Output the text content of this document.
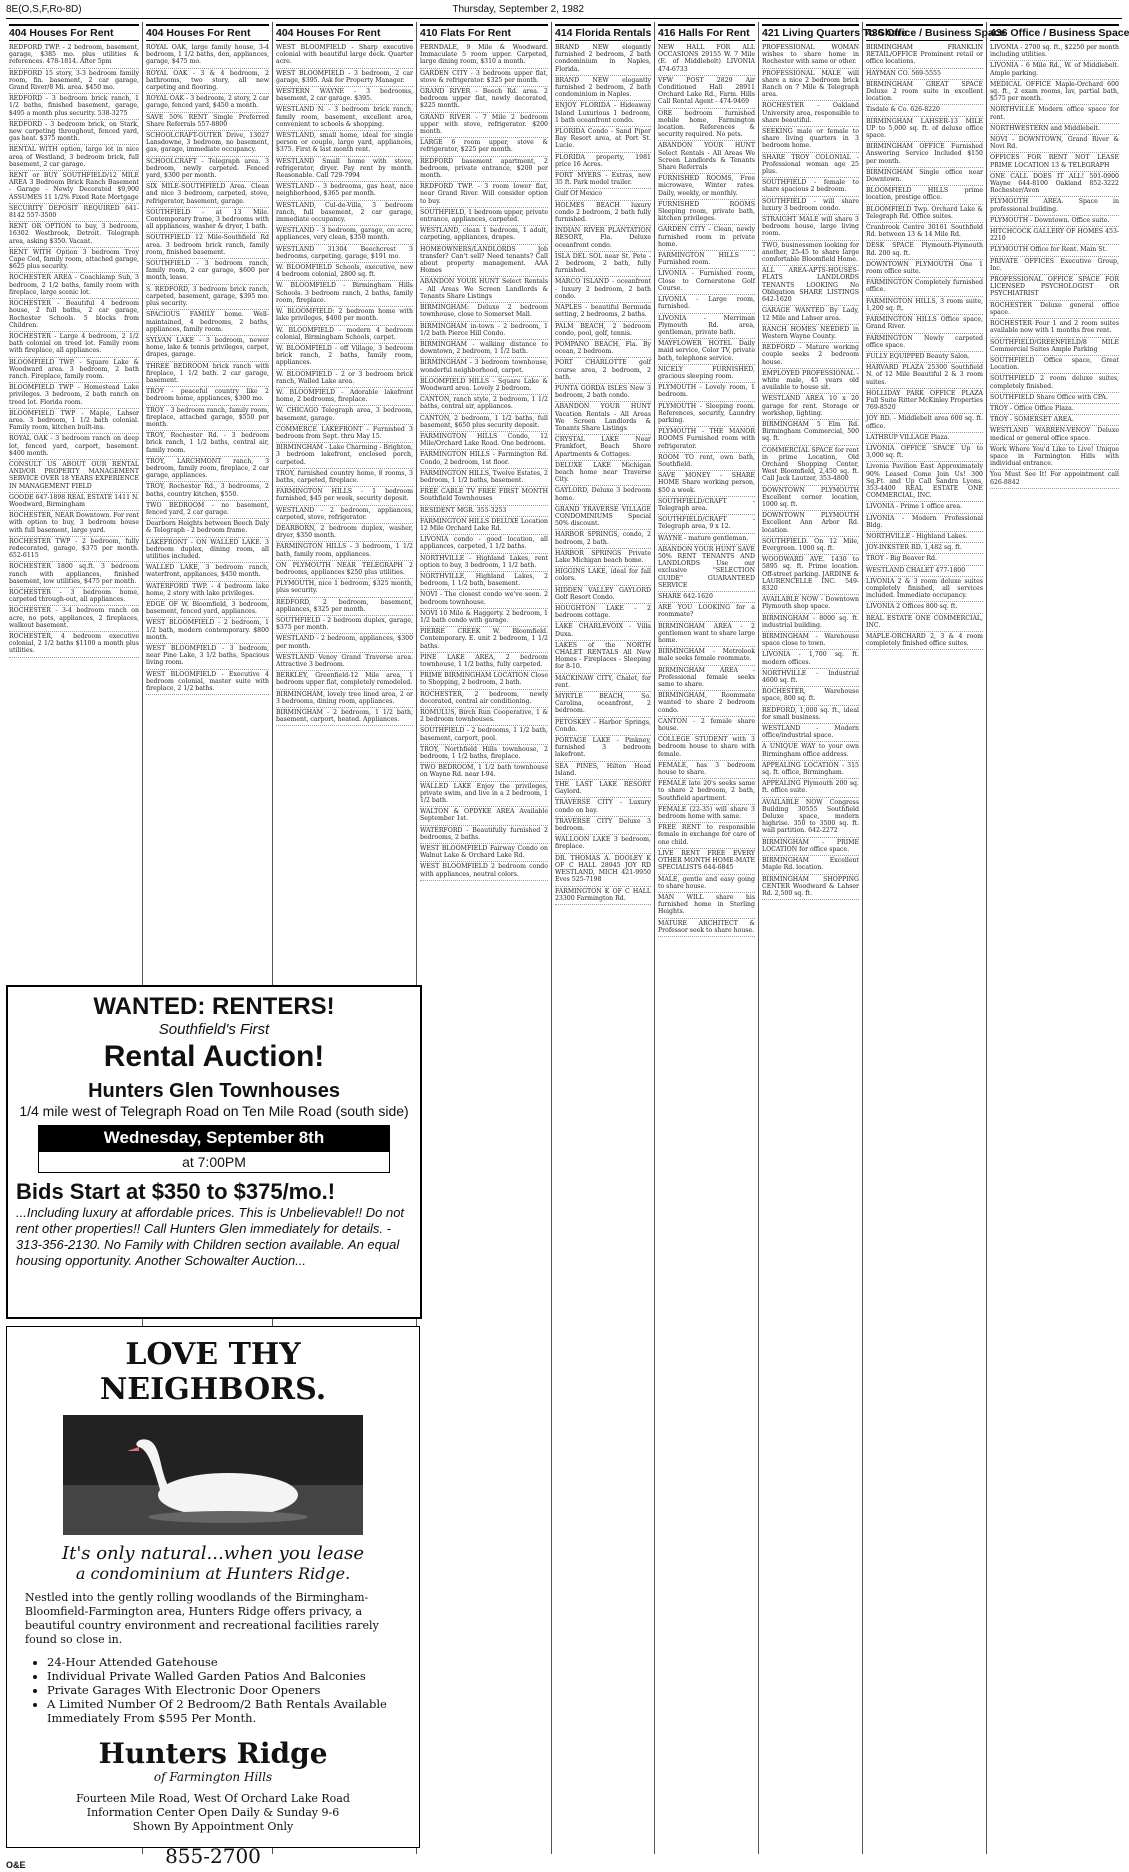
8E(O,S,F,Ro-8D)	Thursday, September 2, 1982
404 Houses For Rent
REDFORD TWP. - 2 bedroom, basement, garage, $385 mo. plus utilities & references. 478-1814. After 5pm
REDFORD 15 story, 3-3 bedroom family room, fin. basement, 2 car garage, Grand River/8 Mi. area. $450 mo.
REDFORD - 3 bedroom brick ranch, 1 1/2 baths, finished basement, garage, $495 a month plus security. 538-3275
REDFORD - 3 bedroom brick, on Stark, new carpeting throughout, fenced yard, gas heat. $375 month.
RENTAL WITH option, large lot in nice area of Westland, 3 bedroom brick, full basement, 2 car garage.
RENT or BUY SOUTHFIELD/12 MILE AREA 3 Bedroom Brick Ranch Basement - Garage - Newly Decorated $9,900 ASSUMES 11 1/2% Fixed Rate Mortgage
SECURITY DEPOSIT REQUIRED 641-8142 557-3500
RENT OR OPTION to buy, 3 bedroom, 16302 Westbrook, Detroit. Telegraph area, asking $350. Vacant.
RENT WITH Option 3 bedroom Troy Cape Cod, family room, attached garage, $625 plus security.
ROCHESTER AREA - Coachlamp Sub, 3 bedroom, 2 1/2 baths, family room with fireplace, large scenic lot.
ROCHESTER - Beautiful 4 bedroom house, 2 full baths, 2 car garage, Rochester Schools. 5 blocks from Children.
ROCHESTER - Large 4 bedroom, 2 1/2 bath colonial on treed lot. Family room with fireplace, all appliances.
BLOOMFIELD TWP. - Square Lake & Woodward area. 3 bedroom, 2 bath ranch. Fireplace, family room.
BLOOMFIELD TWP - Homestead Lake privileges. 3 bedroom, 2 bath ranch on treed lot. Florida room.
BLOOMFIELD TWP - Maple, Lahser area. 3 bedroom, 1 1/2 bath colonial. Family room, kitchen built-ins.
ROYAL OAK - 3 bedroom ranch on deep lot, fenced yard, carport, basement. $400 month.
CONSULT US ABOUT OUR RENTAL AND/OR PROPERTY MANAGEMENT SERVICE OVER 18 YEARS EXPERIENCE IN MANAGEMENT FIELD
GOODE 647-1898 REAL ESTATE 1411 N. Woodward, Birmingham
ROCHESTER, NEAR Downtown. For rent with option to buy, 3 bedroom house with full basement, large yard.
ROCHESTER TWP - 2 bedroom, fully redecorated, garage, $375 per month. 652-6115
ROCHESTER 1800 sq.ft. 3 bedroom ranch with appliances, finished basement, low utilities, $475 per month.
ROCHESTER - 3 bedroom home, carpeted through-out, all appliances.
ROCHESTER - 3-4 bedroom ranch on acre, no pets, appliances, 2 fireplaces, walkout basement.
ROCHESTER, 4 bedroom executive colonial, 2 1/2 baths $1100 a month plus utilities.
404 Houses For Rent
ROYAL OAK, large family house, 3-4 bedroom, 1 1/2 baths, den, appliances, garage, $475 mo.
ROYAL OAK - 3 & 4 bedroom, 2 bathrooms, two story, all new carpeting and flooring.
ROYAL OAK - 3 bedroom, 2 story, 2 car garage, fenced yard, $450 a month.
SAVE 50% RENT Single Preferred Share Referrals 557-8800
SCHOOLCRAFT-OUTER Drive, 13027 Lansdowne, 3 bedroom, no basement, gas, garage, immediate occupancy.
SCHOOLCRAFT - Telegraph area. 3 bedroom, newly carpeted. Fenced yard, $300 per month.
SIX MILE-SOUTHFIELD Area. Clean and nice 3 bedroom, carpeted, stove, refrigerator, basement, garage.
SOUTHFIELD - at 13 Mile. Contemporary frame, 3 bedrooms with all appliances, washer & dryer, 1 bath.
SOUTHFIELD 12 Mile-Southfield Rd area. 3 bedroom brick ranch, family room, finished basement.
SOUTHFIELD - 3 bedroom ranch, family room, 2 car garage, $600 per month, lease.
S. REDFORD, 3 bedroom brick ranch, carpeted, basement, garage, $395 mo. plus security.
SPACIOUS FAMILY home. Well-maintained, 4 bedrooms, 2 baths, appliances, family room.
SYLVAN LAKE - 3 bedroom, newer home, lake & tennis privileges, carpet, drapes, garage.
THREE BEDROOM brick ranch with fireplace, 1 1/2 bath. 2 car garage, basement.
TROY - peaceful country like 2 bedroom home, appliances, $300 mo.
TROY - 3 bedroom ranch, family room, fireplace, attached garage, $550 per month.
TROY, Rochester Rd. - 3 bedroom brick ranch, 1 1/2 baths, central air, family room.
TROY, LARCHMONT ranch, 3 bedroom, family room, fireplace, 2 car garage, appliances.
TROY, Rochester Rd., 3 bedrooms, 2 baths, country kitchen, $550.
TWO BEDROOM - no basement, fenced yard, 2 car garage.
Dearborn Heights between Beech Daly & Telegraph - 2 bedroom frame.
LAKEFRONT - ON WALLED LAKE. 3 bedroom duplex, dining room, all utilities included.
WALLED LAKE, 3 bedroom ranch, waterfront, appliances, $450 month.
WATERFORD TWP. - 4 bedroom lake home, 2 story with lake privileges.
EDGE OF W. Bloomfield, 3 bedroom, basement, fenced yard, appliances.
WEST BLOOMFIELD - 2 bedroom, 1 1/2 bath, modern contemporary. $800 month.
WEST BLOOMFIELD - 3 bedroom, near Pine Lake, 3 1/2 baths, Spacious living room.
WEST BLOOMFIELD - Executive 4 bedroom colonial, master suite with fireplace, 2 1/2 baths.
404 Houses For Rent
WEST BLOOMFIELD - Sharp executive colonial with beautiful large deck. Quarter acre.
WEST BLOOMFIELD - 3 bedroom, 2 car garage, $395. Ask for Property Manager.
WESTERN WAYNE - 3 bedrooms, basement, 2 car garage. $395.
WESTLAND N. - 3 bedroom brick ranch, family room, basement, excellent area, convenient to schools & shopping.
WESTLAND, small home, ideal for single person or couple, large yard, appliances, $375. First & last month rent.
WESTLAND Small home with stove, refrigerator, dryer. Pay rent by month. Reasonable. Call 729-7994
WESTLAND - 3 bedrooms, gas heat, nice neighborhood, $365 per month.
WESTLAND, Cul-de-Villa, 3 bedroom ranch, full basement, 2 car garage, immediate occupancy.
WESTLAND - 3 bedroom, garage, on acre, appliances, very clean, $350 month.
WESTLAND 31304 Beechcrest 3 bedrooms, carpeting, garage, $191 mo.
W. BLOOMFIELD Schools, executive, new 4 bedroom colonial, 2800 sq. ft.
W. BLOOMFIELD - Birmingham Hills Schools. 3 bedroom ranch, 2 baths, family room, fireplace.
W. BLOOMFIELD: 2 bedroom home with lake privileges, $400 per month.
W. BLOOMFIELD - modern 4 bedroom colonial, Birmingham Schools, carpet.
W. BLOOMFIELD - off Village, 3 bedroom brick ranch, 2 baths, family room, appliances.
W. BLOOMFIELD - 2 or 3 bedroom brick ranch, Walled Lake area.
W. BLOOMFIELD - Adorable lakefront home, 2 bedrooms, fireplace.
W. CHICAGO Telegraph area, 3 bedroom, basement, garage.
COMMERCE LAKEFRONT - Furnished 3 bedroom from Sept. thru May 15.
BIRMINGHAM - Lake Charming - Brighton, 3 bedroom lakefront, enclosed porch, carpeted.
TROY, furnished country home, 8 rooms, 3 baths, carpeted, fireplace.
FARMINGTON HILLS - 1 bedroom furnished, $45 per week, security deposit.
WESTLAND - 2 bedroom, appliances, carpeted, stove, refrigerator.
DEARBORN, 2 bedroom duplex, washer, dryer, $350 month.
FARMINGTON HILLS - 3 bedroom, 1 1/2 bath, family room, appliances.
ON PLYMOUTH NEAR TELEGRAPH 2 bedrooms, appliances $250 plus utilities.
PLYMOUTH, nice 1 bedroom, $325 month, plus security.
REDFORD, 2 bedroom, basement, appliances, $325 per month.
SOUTHFIELD - 2 bedroom duplex, garage, $375 per month.
WESTLAND - 2 bedroom, appliances, $300 per month.
WESTLAND Venoy Grand Traverse area. Attractive 3 bedroom.
BERKLEY, Greenfield-12 Mile area, 1 bedroom upper flat, completely remodeled.
BIRMINGHAM, lovely tree lined area, 2 or 3 bedrooms, dining room, appliances.
BIRMINGHAM - 2 bedroom, 1 1/2 bath, basement, carport, heated. Appliances.
410 Flats For Rent
FERNDALE, 9 Mile & Woodward. Immaculate 5 room upper. Carpeted, large dining room, $310 a month.
GARDEN CITY - 3 bedroom upper flat, stove & refrigerator. $325 per month.
GRAND RIVER - Beech Rd. area. 2 bedroom upper flat, newly decorated, $225 month.
GRAND RIVER - 7 Mile 2 bedroom upper with stove, refrigerator. $200 month.
LARGE 6 room upper, stove & refrigerator, $225 per month.
REDFORD basement apartment, 2 bedroom, private entrance, $200 per month.
REDFORD TWP. - 3 room lower flat, near Grand River. Will consider option to buy.
SOUTHFIELD, 1 bedroom upper, private entrance, appliances, carpeted.
WESTLAND, clean 1 bedroom, 1 adult, carpeting, appliances, drapes.
HOMEOWNERS/LANDLORDS Job transfer? Can't sell? Need tenants? Call about property management. AAA Homes
ABANDON YOUR HUNT Select Rentals - All Areas We Screen Landlords & Tenants Share Listings
BIRMINGHAM: Deluxe 2 bedroom townhouse, close to Somerset Mall.
BIRMINGHAM in-town - 2 bedroom, 1 1/2 bath Pierce Hill Condo.
BIRMINGHAM - walking distance to downtown, 2 bedroom, 1 1/2 bath.
BIRMINGHAM - 3 bedroom townhouse, wonderful neighborhood, carpet.
BLOOMFIELD HILLS - Square Lake & Woodward area. Lovely 2 bedroom.
CANTON, ranch style, 2 bedroom, 1 1/2 baths, central air, appliances.
CANTON, 2 bedroom, 1 1/2 baths, full basement, $650 plus security deposit.
FARMINGTON HILLS Condo, 12 Mile/Orchard Lake Road. One bedroom.
FARMINGTON HILLS - Farmington Rd. Condo, 2 bedroom, 1st floor.
FARMINGTON HILLS, Twelve Estates, 2 bedroom, 1 1/2 baths, basement.
FREE CABLE TV FREE FIRST MONTH Southfield Townhouses
RESIDENT MGR. 355-3253
FARMINGTON HILLS DELUXE Location 12 Mile Orchard Lake Rd.
LIVONIA condo - good location, all appliances, carpeted, 1 1/2 baths.
NORTHVILLE - Highland Lakes, rent option to buy, 3 bedroom, 1 1/2 bath.
NORTHVILLE, Highland Lakes, 2 bedroom, 1 1/2 bath, basement.
NOVI - The closest condo we've seen. 2 bedroom townhouse.
NOVI 10 Mile & Haggerty. 2 bedroom, 1 1/2 bath condo with garage.
PIERRE CREEK W. Bloomfield. Contemporary. E. unit 2 bedroom, 1 1/2 baths.
PINE LAKE AREA, 2 bedroom townhouse, 1 1/2 baths, fully carpeted.
PRIME BIRMINGHAM LOCATION Close to Shopping, 2 bedroom, 2 bath.
ROCHESTER, 2 bedroom, newly decorated, central air conditioning.
ROMULUS, Birch Run Cooperative, 1 & 2 bedroom townhouses.
SOUTHFIELD - 2 bedrooms, 1 1/2 bath, basement, carport, pool.
TROY, Northfield Hills townhouse, 2 bedroom, 1 1/2 baths, fireplace.
TWO BEDROOM, 1 1/2 bath townhouse on Wayne Rd. near I-94.
WALLED LAKE Enjoy the privileges, private swim, and live in a 2 bedroom, 1 1/2 bath.
WALTON & OPDYKE AREA Available September 1st.
WATERFORD - Beautifully furnished 2 bedrooms, 2 baths.
WEST BLOOMFIELD Fairway Condo on Walnut Lake & Orchard Lake Rd.
WEST BLOOMFIELD 2 bedroom condo with appliances, neutral colors.
414 Florida Rentals
BRAND NEW elegantly furnished 2 bedroom, 2 bath condominium in Naples, Florida.
BRAND NEW elegantly furnished 2 bedroom, 2 bath condominium in Naples.
ENJOY FLORIDA - Hideaway Island Luxurious 1 bedroom, 1 bath oceanfront condo.
FLORIDA Condo - Sand Piper Bay Resort area, at Port St. Lucie.
FLORIDA property, 1981 price 16 Acres.
FORT MYERS - Extras, new 35 ft. Park model trailer.
Gulf Of Mexico
HOLMES BEACH luxury condo 2 bedroom, 2 bath fully furnished.
INDIAN RIVER PLANTATION RESORT, Fla. Deluxe oceanfront condo.
ISLA DEL SOL near St. Pete - 2 bedroom, 2 bath, fully furnished.
MARCO ISLAND - oceanfront - luxury 2 bedroom, 2 bath condo.
NAPLES - beautiful Bermuda setting, 2 bedrooms, 2 baths.
PALM BEACH, 2 bedroom condo, pool, golf, tennis.
POMPANO BEACH, Fla. By ocean, 2 bedroom.
PORT CHARLOTTE golf course area, 2 bedroom, 2 bath.
PUNTA GORDA ISLES New 3 bedroom, 2 bath condo.
ABANDON YOUR HUNT Vacation Rentals - All Areas We Screen Landlords & Tenants Share Listings
CRYSTAL LAKE Near Frankfort, Beach Shore Apartments & Cottages.
DELUXE LAKE Michigan beach home near Traverse City.
GAYLORD, Deluxe 3 bedroom home.
GRAND TRAVERSE VILLAGE CONDOMINIUMS Special 50% discount.
HARBOR SPRINGS, condo, 2 bedroom, 2 bath.
HARBOR SPRINGS Private Lake Michigan beach home.
HIGGINS LAKE, ideal for fall colors.
HIDDEN VALLEY GAYLORD Golf Resort Condo.
HOUGHTON LAKE - 2 bedroom cottage.
LAKE CHARLEVOIX - Villa Duxa.
LAKES of the NORTH CHALET RENTALS All New Homes - Fireplaces - Sleeping for 8-10.
MACKINAW CITY, Chalet, for rent.
MYRTLE BEACH, So. Carolina, oceanfront, 2 bedroom.
PETOSKEY - Harbor Springs, Condo.
PORTAGE LAKE - Pinkney, furnished 3 bedroom lakefront.
SEA PINES, Hilton Head Island.
THE LAST LAKE RESORT Gaylord.
TRAVERSE CITY - Luxury condo on bay.
TRAVERSE CITY Deluxe 3 bedroom.
WALLOON LAKE 3 bedroom, fireplace.
DR. THOMAS A. DOOLEY K OF C HALL 28945 JOY RD WESTLAND, MICH 421-9950 Eves 525-7198
FARMINGTON K OF C HALL 23300 Farmington Rd.
416 Halls For Rent
NEW HALL FOR ALL OCCASIONS 29155 W. 7 Mile (E. of Middlebelt) LIVONIA 474-6733
VFW POST 2829 Air Conditioned Hall 28911 Orchard Lake Rd., Farm. Hills Call Rental Agent - 474-9469
ORE bedroom furnished mobile home, Farmington location. References & security required. No pets.
ABANDON YOUR HUNT Select Rentals - All Areas We Screen Landlords & Tenants Share Referrals
FURNISHED ROOMS, Free microwave, Winter rates. Daily, weekly, or monthly.
FURNISHED ROOMS Sleeping room, private bath, kitchen privileges.
GARDEN CITY - Clean, newly furnished room in private home.
FARMINGTON HILLS - Furnished room.
LIVONIA - Furnished room, Close to Cornerstone Golf Course.
LIVONIA - Large room, furnished.
LIVONIA - Merriman Plymouth Rd. area, gentleman, private bath.
MAYFLOWER HOTEL Daily maid service, Color TV, private bath, telephone service.
NICELY FURNISHED, gracious sleeping room.
PLYMOUTH - Lovely room, 1 bedroom.
PLYMOUTH - Sleeping room. References, security, Laundry parking.
PLYMOUTH - THE MANOR ROOMS Furnished room with refrigerator.
ROOM TO rent, own bath, Southfield.
SAVE MONEY - SHARE HOME Share working person, $50 a week.
SOUTHFIELD/CRAFT - Telegraph area.
SOUTHFIELD/CRAFT - Telegraph area, 9 x 12.
WAYNE - mature gentleman.
ABANDON YOUR HUNT SAVE 50% RENT TENANTS AND LANDLORDS Use our exclusive "SELECTION GUIDE" GUARANTEED SERVICE
SHARE 642-1620
ARE YOU LOOKING for a roommate?
BIRMINGHAM AREA - 2 gentlemen want to share large home.
BIRMINGHAM - Metrolook male seeks female roommate.
BIRMINGHAM AREA - Professional female seeks same to share.
BIRMINGHAM, Roommate wanted to share 2 bedroom condo.
CANTON - 2 female share house.
COLLEGE STUDENT with 3 bedroom house to share with female.
FEMALE, has 3 bedroom house to share.
FEMALE late 20's seeks same to share 2 bedroom, 2 bath, Southfield apartment.
FEMALE (22-35) will share 3 bedroom home with same.
FREE RENT to responsible female in exchange for care of one child.
LIVE RENT FREE EVERY OTHER MONTH HOME-MATE SPECIALISTS 644-6845
MALE, gentle and easy going to share house.
MAN WILL share his furnished home in Sterling Heights.
MATURE ARCHITECT & Professor seek to share house.
421 Living Quarters To Share
PROFESSIONAL WOMAN wishes to share home in Rochester with same or other.
PROFESSIONAL MALE will share a nice 2 bedroom brick Ranch on 7 Mile & Telegraph area.
ROCHESTER - Oakland University area, responsible to share beautiful.
SEEKING male or female to share living quarters in 3 bedroom home.
SHARE TROY COLONIAL - Professional woman age 25 plus.
SOUTHFIELD - female to share spacious 2 bedroom.
SOUTHFIELD - will share luxury 3 bedroom condo.
STRAIGHT MALE will share 3 bedroom house, large living room.
TWO, businessmen looking for another, 25-45 to share large comfortable Bloomfield Home.
ALL AREA-APTS-HOUSES-FLATS LANDLORDS TENANTS LOOKING No Obligation SHARE LISTINGS 642-1620
GARAGE WANTED By Lady, 12 Mile and Lahser area.
RANCH HOMES NEEDED in Western Wayne County.
REDFORD - Mature working couple seeks 2 bedroom house.
EMPLOYED PROFESSIONAL - white male, 45 years old available to house sit.
WESTLAND AREA 10 x 20 garage for rent. Storage or workshop, lighting.
BIRMINGHAM 5 Elm Rd. Birmingham Commercial, 500 sq. ft.
COMMERCIAL SPACE for rent in prime Location, Old Orchard Shopping Center, West Bloomfield, 2,450 sq. ft. Call Jack Lautzer, 353-4800
DOWNTOWN PLYMOUTH Excellent corner location, 1000 sq. ft.
DOWNTOWN PLYMOUTH Excellent Ann Arbor Rd. location.
SOUTHFIELD. On 12 Mile, Evergreen. 1000 sq. ft.
WOODWARD AVE. 1430 to 5895 sq. ft. Prime location. Off-street parking. JARDINE & LAURENCELLE INC. 549-8320
AVAILABLE NOW - Downtown Plymouth shop space.
BIRMINGHAM - 8000 sq. ft. industrial building.
BIRMINGHAM - Warehouse space close to town.
LIVONIA - 1,700 sq. ft. modern offices.
NORTHVILLE - Industrial 4600 sq. ft.
ROCHESTER, Warehouse space, 800 sq. ft.
REDFORD, 1,000 sq. ft., ideal for small business.
WESTLAND - Modern office/industrial space.
A UNIQUE WAY to your own Birmingham office address.
APPEALING LOCATION - 315 sq. ft. office, Birmingham.
APPEALING Plymouth 200 sq. ft. office suite.
AVAILABLE NOW Congress Building 30555 Southfield Deluxe space, modern highrise. 350 to 3500 sq. ft. wall partition. 642-2272
BIRMINGHAM - PRIME LOCATION for office space.
BIRMINGHAM Excellent Maple Rd. location.
BIRMINGHAM SHOPPING CENTER Woodward & Lahser Rd. 2,500 sq. ft.
436 Office / Business Space
BIRMINGHAM FRANKLIN RETAIL/OFFICE Prominent retail or office locations.
HAYMAN CO. 569-5555
BIRMINGHAM GREAT SPACE Deluxe 2 room suite in excellent location.
Tisdale & Co. 626-8220
BIRMINGHAM LAHSER-13 MILE UP to 5,000 sq. ft. of deluxe office space.
BIRMINGHAM OFFICE Furnished Answering Service Included $150 per month.
BIRMINGHAM Single office near Downtown.
BLOOMFIELD HILLS prime location, prestige office.
BLOOMFIELD Twp. Orchard Lake & Telegraph Rd. Office suites.
Cranbrook Centre 30161 Southfield Rd. between 13 & 14 Mile Rd.
DESK SPACE Plymouth-Plymouth Rd. 200 sq. ft.
DOWNTOWN PLYMOUTH One 1 room office suite.
FARMINGTON Completely furnished office.
FARMINGTON HILLS, 3 room suite, 1,200 sq. ft.
FARMINGTON HILLS Office space, Grand River.
FARMINGTON Newly carpeted office space.
FULLY EQUIPPED Beauty Salon.
HARVARD PLAZA 25300 Southfield N. of 12 Mile Beautiful 2 & 3 room suites.
HOLLIDAY PARK OFFICE PLAZA Full Suite Ritter McKinley Properties 769-8520
JOY RD. - Middlebelt area 600 sq. ft. office.
LATHRUP VILLAGE Plaza.
LIVONIA OFFICE SPACE Up to 3,000 sq. ft.
Livonia Pavilion East Approximately 90% Leased Come Join Us! 300 Sq.Ft. and Up Call Sandra Lyons, 353-4400 REAL ESTATE ONE COMMERCIAL, INC.
LIVONIA - Prime 1 office area.
LIVONIA - Modern Professional Bldg.
NORTHVILLE - Highland Lakes.
JOY-INKSTER RD. 1,482 sq. ft.
TROY - Big Beaver Rd.
WESTLAND CHALET 477-1800
LIVONIA 2 & 3 room deluxe suites completely finished, all services included. Immediate occupancy.
LIVONIA 2 Offices 800 sq. ft.
REAL ESTATE ONE COMMERCIAL, INC.
MAPLE-ORCHARD 2, 3 & 4 room completely finished office suites.
436 Office / Business Space
LIVONIA - 2700 sq. ft., $2250 per month including utilities.
LIVONIA - 6 Mile Rd., W. of Middlebelt. Ample parking.
MEDICAL OFFICE Maple-Orchard 600 sq. ft., 2 exam rooms, lav, partial bath, $575 per month.
NORTHVILLE Modern office space for rent.
NORTHWESTERN and Middlebelt.
NOVI - DOWNTOWN, Grand River & Novi Rd.
OFFICES FOR RENT NOT LEASE PRIME LOCATION 13 & TELEGRAPH
ONE CALL DOES IT ALL! 591-0900 Wayne 644-8100 Oakland 852-3222 Rochester/Avon
PLYMOUTH AREA. Space in professional building.
PLYMOUTH - Downtown. Office suite.
HITCHCOCK GALLERY OF HOMES 453-2210
PLYMOUTH Office for Rent. Main St.
PRIVATE OFFICES Executive Group, Inc.
PROFESSIONAL OFFICE SPACE FOR LICENSED PSYCHOLOGIST OR PSYCHIATRIST
ROCHESTER Deluxe general office space.
ROCHESTER Four 1 and 2 room suites available now with 1 months free rent.
SOUTHFIELD/GREENFIELD/8 MILE Commercial Suites Ample Parking
SOUTHFIELD Office space, Great Location.
SOUTHFIELD 2 room deluxe suites, completely finished.
SOUTHFIELD Share Office with CPA.
TROY - Office Office Plaza.
TROY - SOMERSET AREA.
WESTLAND WARREN-VENOY Deluxe medical or general office space.
Work Where You'd Like to Live! Unique space in Farmington Hills with individual entrance.
You Must See It! For appointment call 626-8842
WANTED: RENTERS!
Southfield's First
Rental Auction!
Hunters Glen Townhouses
1/4 mile west of Telegraph Road on Ten Mile Road (south side)
Wednesday, September 8th
at 7:00PM
Bids Start at $350 to $375/mo.!
...Including luxury at affordable prices. This is Unbelievable!! Do not rent other properties!! Call Hunters Glen immediately for details. - 313-356-2130. No Family with Children section available. An equal housing opportunity. Another Schowalter Auction...
LOVE THY NEIGHBORS.
It's only natural...when you lease
a condominium at Hunters Ridge.
Nestled into the gently rolling woodlands of the Birmingham-Bloomfield-Farmington area, Hunters Ridge offers privacy, a beautiful country environment and recreational facilities rarely found so close in.
• 24-Hour Attended Gatehouse
• Individual Private Walled Garden Patios And Balconies
• Private Garages With Electronic Door Openers
• A Limited Number Of 2 Bedroom/2 Bath Rentals Available Immediately From $595 Per Month.
Hunters Ridge
of Farmington Hills
Fourteen Mile Road, West Of Orchard Lake Road
Information Center Open Daily & Sunday 9-6
Shown By Appointment Only
855-2700
O&E
